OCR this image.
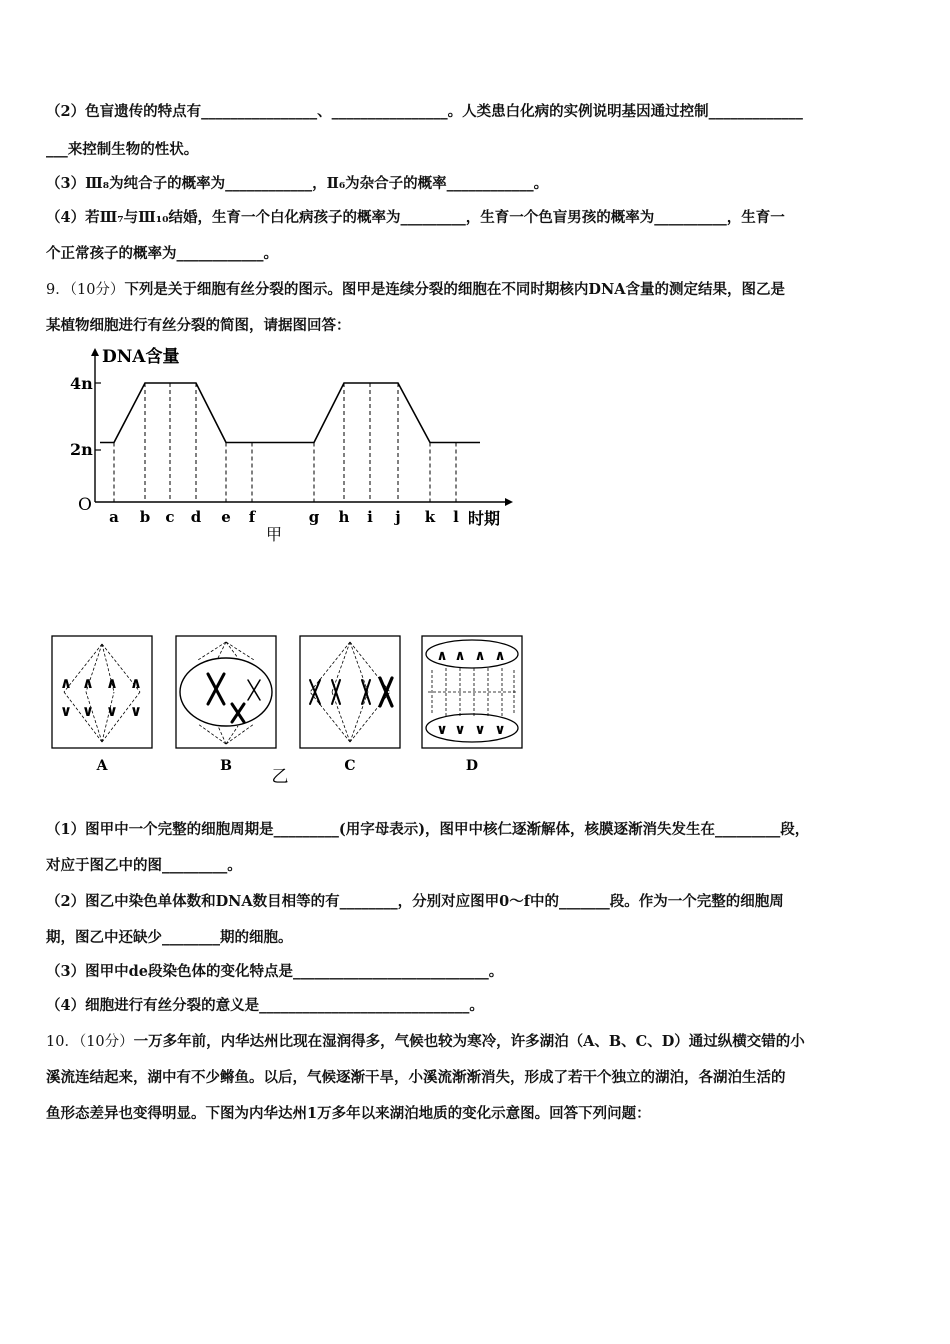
（2）色盲遗传的特点有________________、________________。人类患白化病的实例说明基因通过控制_____________
___来控制生物的性状。
（3）Ⅲ₈为纯合子的概率为____________，Ⅱ₆为杂合子的概率____________。
（4）若Ⅲ₇与Ⅲ₁₀结婚，生育一个白化病孩子的概率为_________，生育一个色盲男孩的概率为__________，生育一
个正常孩子的概率为____________。
9．（10分）下列是关于细胞有丝分裂的图示。图甲是连续分裂的细胞在不同时期核内DNA含量的测定结果，图乙是
某植物细胞进行有丝分裂的简图，请据图回答：
DNA含量
O
4n
2n
a b c d e f	g h i j k l 时期
甲
∧ ∧ ∧ ∧
∨ ∨ ∨ ∨
A	B	C
∧ ∧ ∧ ∧
∨ ∨ ∨ ∨
D
乙
（1）图甲中一个完整的细胞周期是_________(用字母表示)，图甲中核仁逐渐解体，核膜逐渐消失发生在_________段，
对应于图乙中的图_________。
（2）图乙中染色单体数和DNA数目相等的有________，分别对应图甲0～f中的_______段。作为一个完整的细胞周
期，图乙中还缺少________期的细胞。
（3）图甲中de段染色体的变化特点是___________________________。
（4）细胞进行有丝分裂的意义是_____________________________。
10．（10分）一万多年前，内华达州比现在湿润得多，气候也较为寒冷，许多湖泊（A、B、C、D）通过纵横交错的小
溪流连结起来，湖中有不少鳉鱼。以后，气候逐渐干旱，小溪流渐渐消失，形成了若干个独立的湖泊，各湖泊生活的
鱼形态差异也变得明显。下图为内华达州1万多年以来湖泊地质的变化示意图。回答下列问题：
